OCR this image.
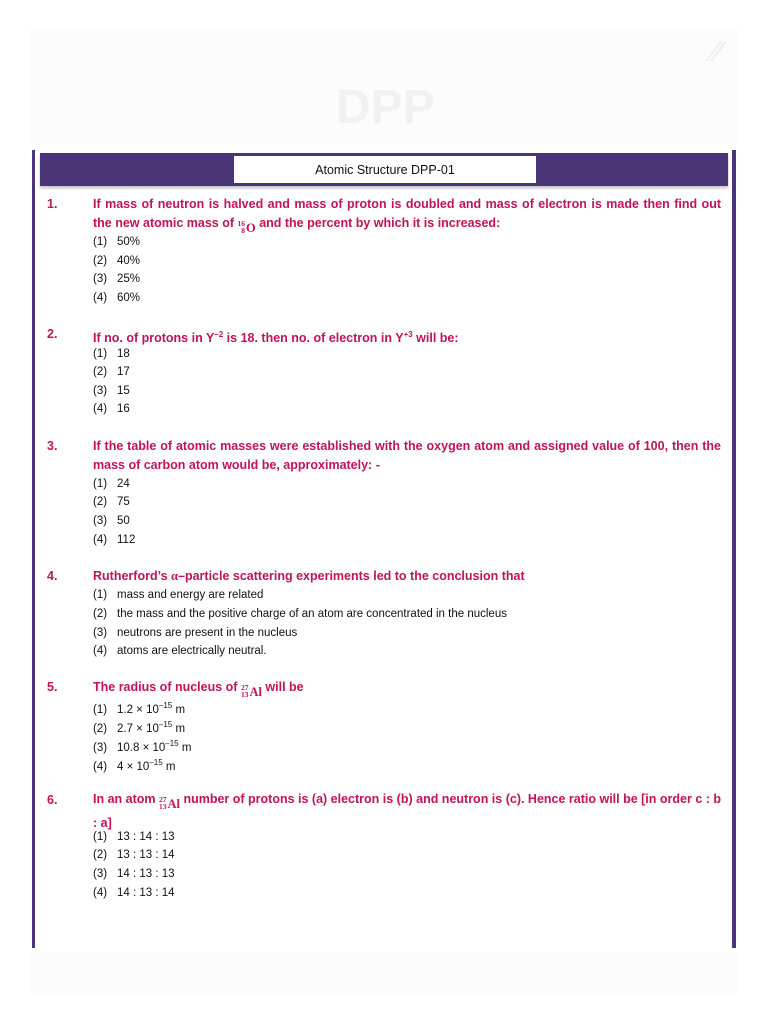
DPP
⁄⁄
Atomic Structure DPP-01
1.	If mass of neutron is halved and mass of proton is doubled and mass of electron is made then find out the new atomic mass of 16
8 O and the percent by which it is increased:
(1) 50%
(2) 40%
(3) 25%
(4) 60%
2.	If no. of protons in $Y^{-2}$ is 18. then no. of electron in $Y^{+3}$ will be:
(1) 18
(2) 17
(3) 15
(4) 16
3.	If the table of atomic masses were established with the oxygen atom and assigned value of 100, then the mass of carbon atom would be, approximately: -
(1) 24
(2) 75
(3) 50
(4) 112
4.	Rutherford’s α–particle scattering experiments led to the conclusion that
(1) mass and energy are related
(2) the mass and the positive charge of an atom are concentrated in the nucleus
(3) neutrons are present in the nucleus
(4) atoms are electrically neutral.
5.	The radius of nucleus of 27
13 Al will be
(1) $1.2 \times 10^{-15}$ m
(2) $2.7 \times 10^{-15}$ m
(3) $10.8 \times 10^{-15}$ m
(4) $4 \times 10^{-15}$ m
6.	In an atom 27
13 Al number of protons is (a) electron is (b) and neutron is (c). Hence ratio will be [in order c : b : a]
(1) 13 : 14 : 13
(2) 13 : 13 : 14
(3) 14 : 13 : 13
(4) 14 : 13 : 14
